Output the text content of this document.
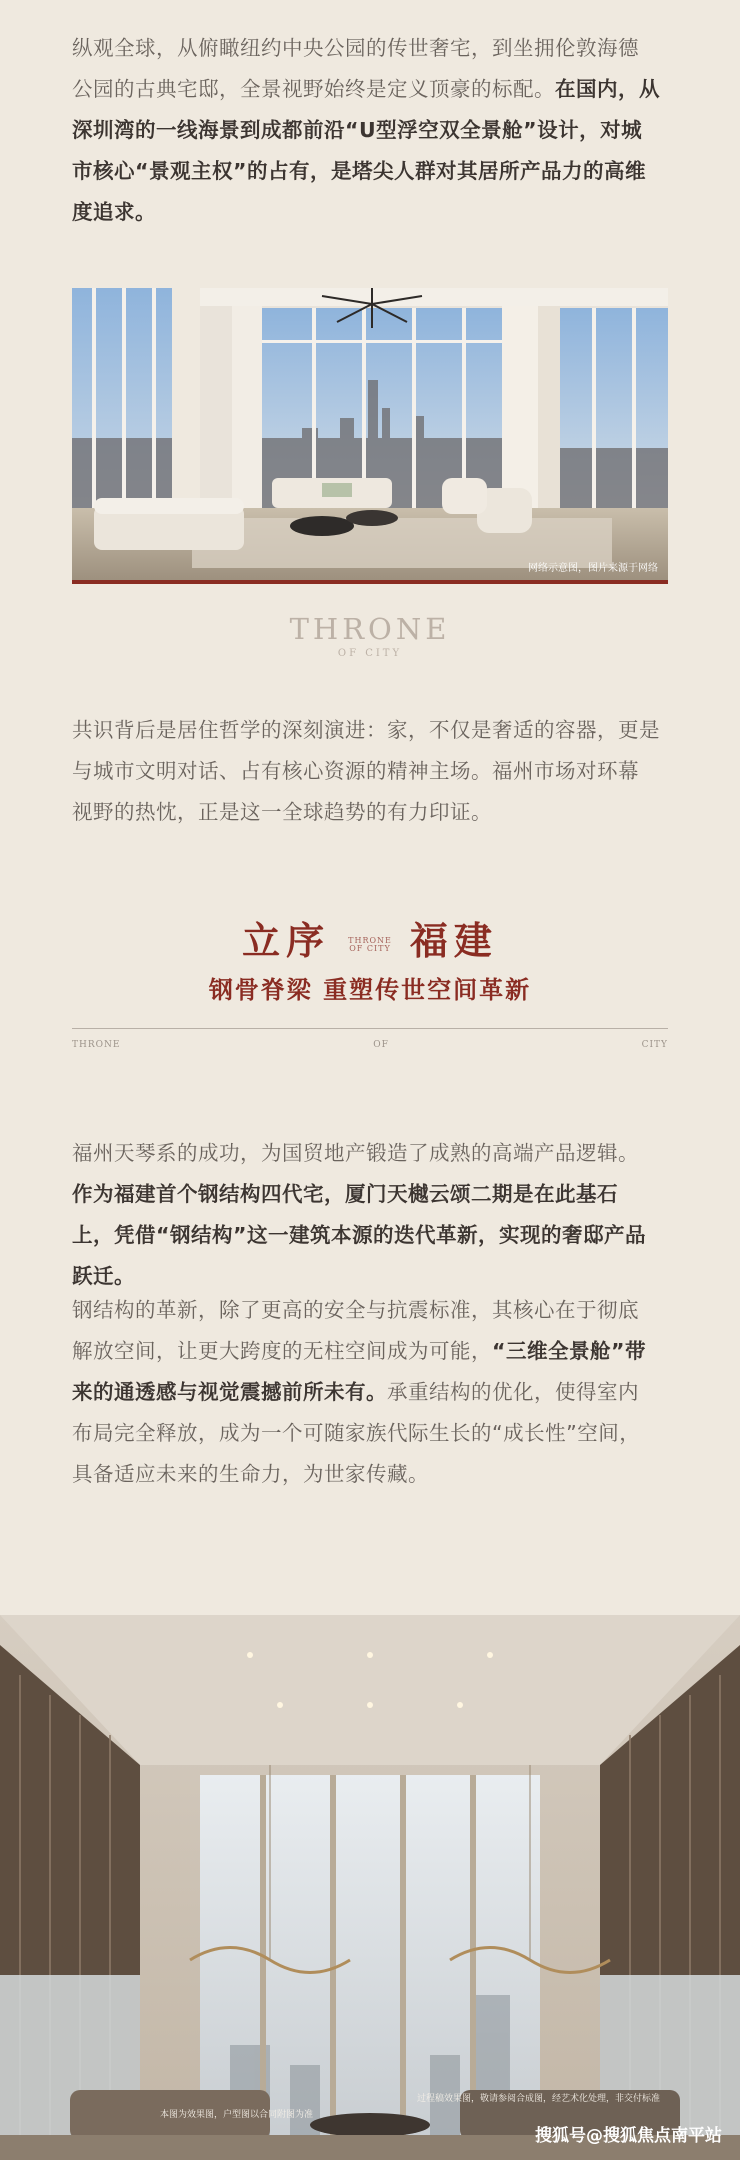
纵观全球，从俯瞰纽约中央公园的传世奢宅，到坐拥伦敦海德
公园的古典宅邸，全景视野始终是定义顶豪的标配。在国内，从
深圳湾的一线海景到成都前沿“U型浮空双全景舱”设计，对城
市核心“景观主权”的占有，是塔尖人群对其居所产品力的高维
度追求。
网络示意图，图片来源于网络
THRONE
OF CITY
共识背后是居住哲学的深刻演进：家，不仅是奢适的容器，更是
与城市文明对话、占有核心资源的精神主场。福州市场对环幕
视野的热忱，正是这一全球趋势的有力印证。
立序 THRONE
OF CITY 福建
钢骨脊梁 重塑传世空间革新
THRONE	OF	CITY
福州天琴系的成功，为国贸地产锻造了成熟的高端产品逻辑。
作为福建首个钢结构四代宅，厦门天樾云颂二期是在此基石
上，凭借“钢结构”这一建筑本源的迭代革新，实现的奢邸产品
跃迁。
钢结构的革新，除了更高的安全与抗震标准，其核心在于彻底
解放空间，让更大跨度的无柱空间成为可能，“三维全景舱”带
来的通透感与视觉震撼前所未有。承重结构的优化，使得室内
布局完全释放，成为一个可随家族代际生长的“成长性”空间，
具备适应未来的生命力，为世家传藏。
过程稿效果图，敬请参阅合成图，经艺术化处理，非交付标准
本图为效果图，户型图以合同附图为准
搜狐号@搜狐焦点南平站
